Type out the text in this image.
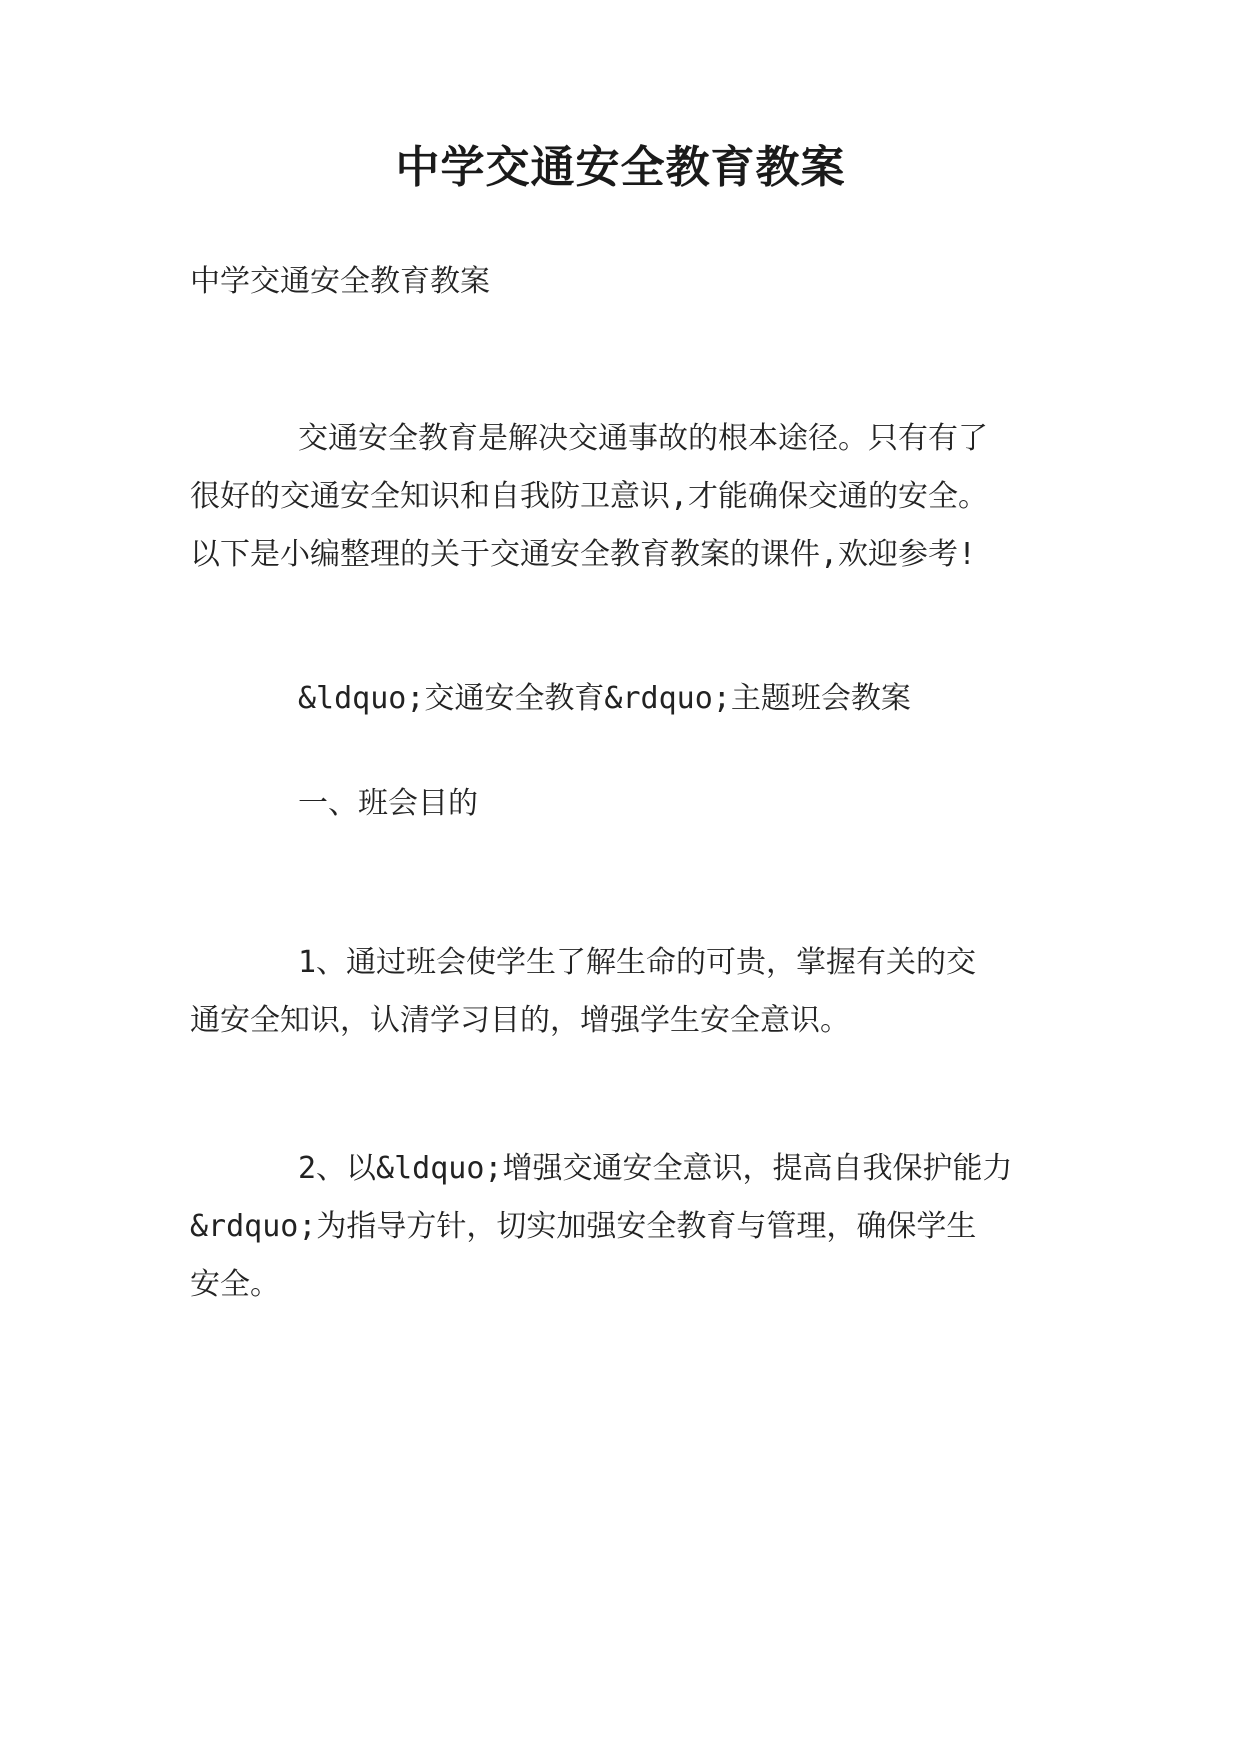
中学交通安全教育教案
中学交通安全教育教案
交通安全教育是解决交通事故的根本途径。只有有了
很好的交通安全知识和自我防卫意识,才能确保交通的安全。
以下是小编整理的关于交通安全教育教案的课件,欢迎参考!
&ldquo;交通安全教育&rdquo;主题班会教案
一、班会目的
1、通过班会使学生了解生命的可贵，掌握有关的交
通安全知识，认清学习目的，增强学生安全意识。
2、以&ldquo;增强交通安全意识，提高自我保护能力
&rdquo;为指导方针，切实加强安全教育与管理，确保学生
安全。
